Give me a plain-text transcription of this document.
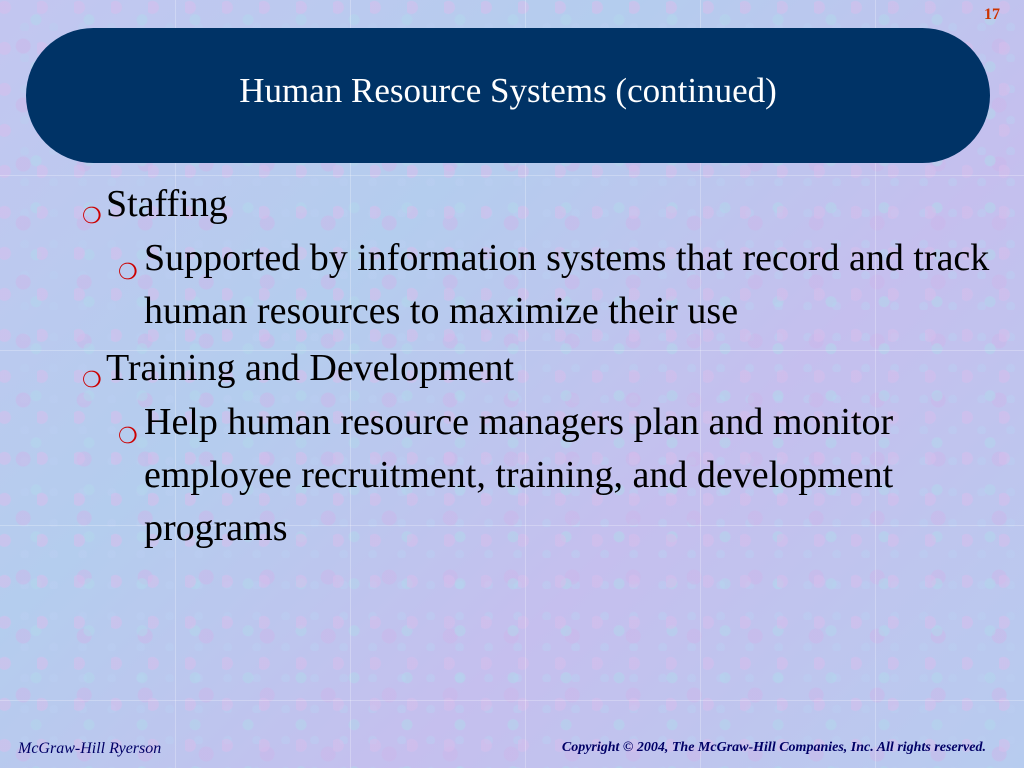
17
Human Resource Systems (continued)
❍ Staffing
❍ Supported by information systems that record and track human resources to maximize their use
❍ Training and Development
❍ Help human resource managers plan and monitor employee recruitment, training, and development programs
McGraw-Hill Ryerson	Copyright © 2004, The McGraw-Hill Companies, Inc. All rights reserved.
